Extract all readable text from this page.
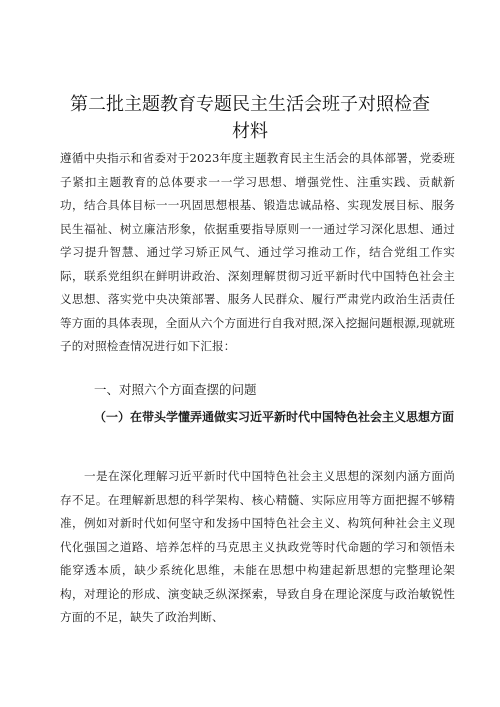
第二批主题教育专题民主生活会班子对照检查
材料
遵循中央指示和省委对于2023年度主题教育民主生活会的具体部署，党委班子紧扣主题教育的总体要求一一学习思想、增强党性、注重实践、贡献新功，结合具体目标一一巩固思想根基、锻造忠诚品格、实现发展目标、服务民生福祉、树立廉洁形象，依据重要指导原则一一通过学习深化思想、通过学习提升智慧、通过学习矫正风气、通过学习推动工作，结合党组工作实际，联系党组织在鲜明讲政治、深刻理解贯彻习近平新时代中国特色社会主义思想、落实党中央决策部署、服务人民群众、履行严肃党内政治生活责任等方面的具体表现，全面从六个方面进行自我对照,深入挖掘问题根源,现就班子的对照检查情况进行如下汇报：
一、对照六个方面查摆的问题
（一）在带头学懂弄通做实习近平新时代中国特色社会主义思想方面
一是在深化理解习近平新时代中国特色社会主义思想的深刻内涵方面尚存不足。在理解新思想的科学架构、核心精髓、实际应用等方面把握不够精准，例如对新时代如何坚守和发扬中国特色社会主义、构筑何种社会主义现代化强国之道路、培养怎样的马克思主义执政党等时代命题的学习和领悟未能穿透本质，缺少系统化思维，未能在思想中构建起新思想的完整理论架构，对理论的形成、演变缺乏纵深探索，导致自身在理论深度与政治敏锐性方面的不足，缺失了政治判断、
